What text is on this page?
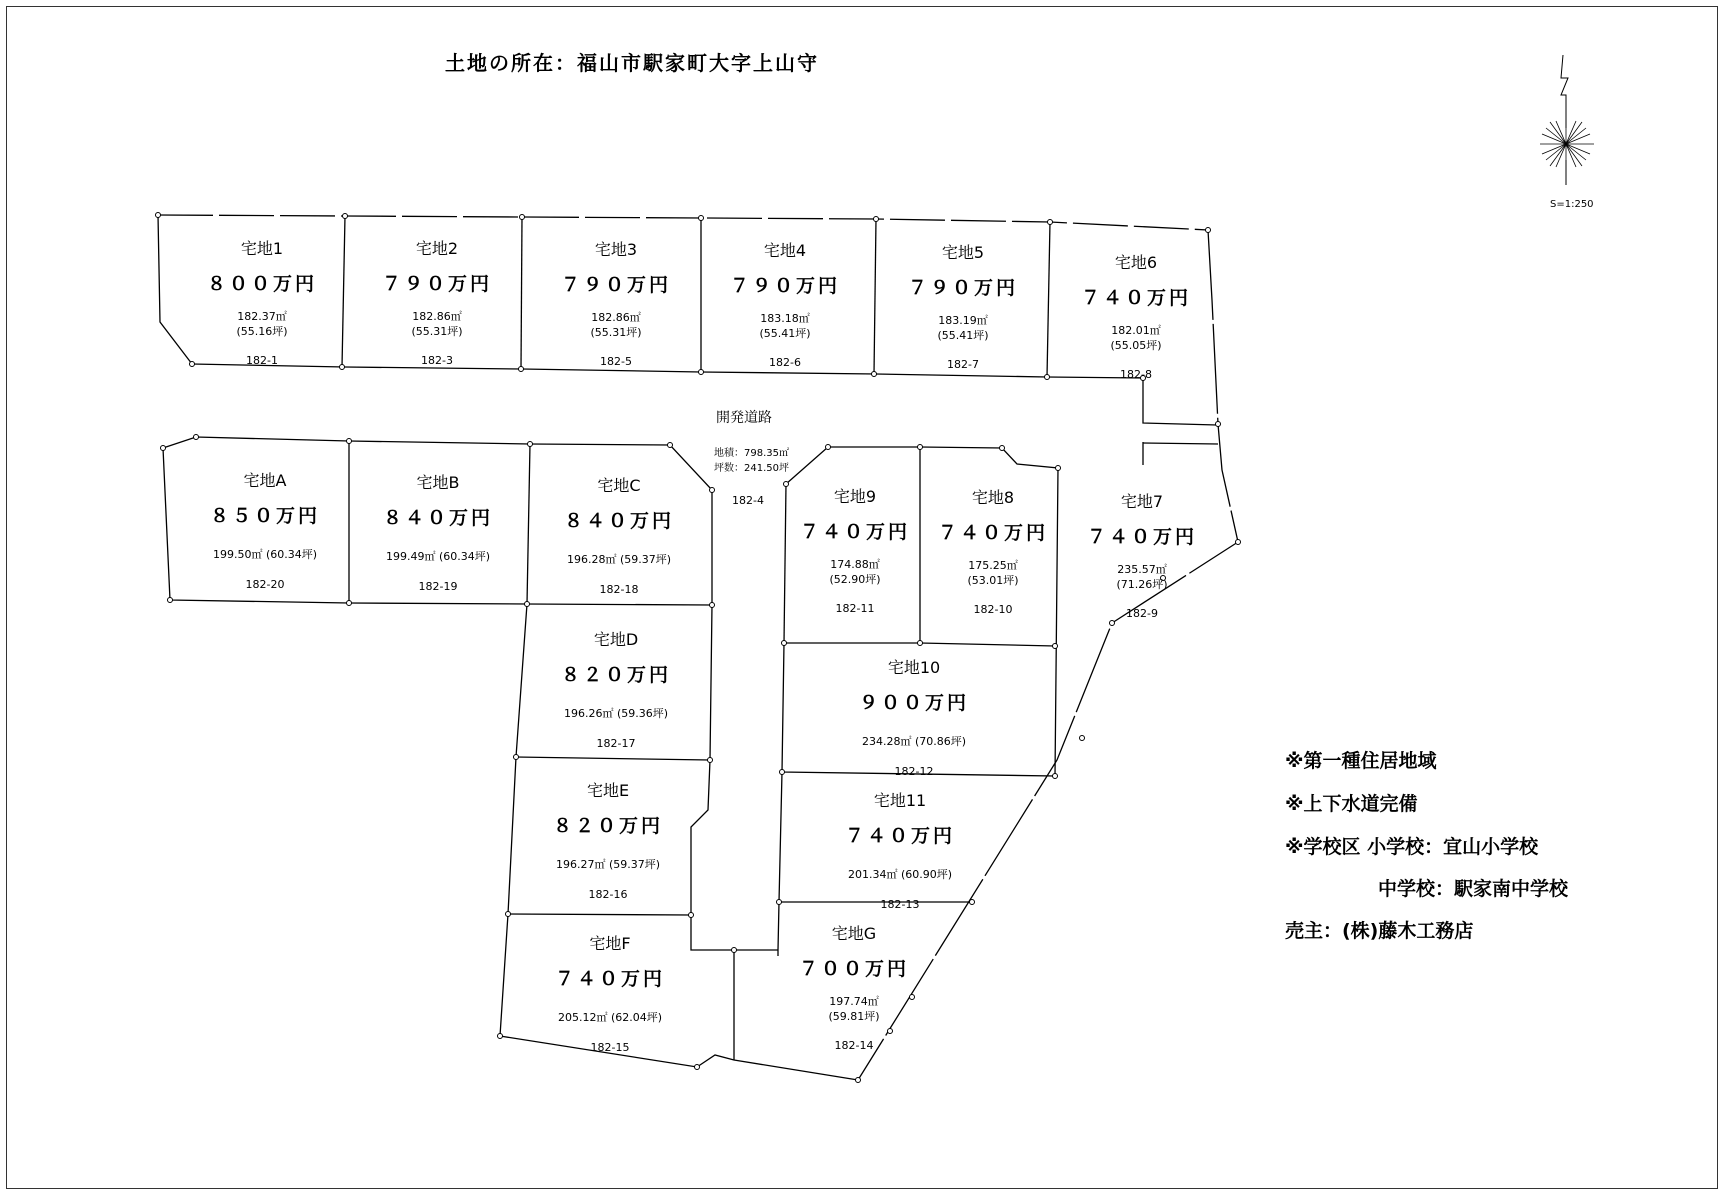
土地の所在：福山市駅家町大字上山守
S=1:250
開発道路
地積：798.35㎡
坪数：241.50坪
182-4
宅地1
８００万円
182.37㎡
(55.16坪)
182-1
宅地2
７９０万円
182.86㎡
(55.31坪)
182-3
宅地3
７９０万円
182.86㎡
(55.31坪)
182-5
宅地4
７９０万円
183.18㎡
(55.41坪)
182-6
宅地5
７９０万円
183.19㎡
(55.41坪)
182-7
宅地6
７４０万円
182.01㎡
(55.05坪)
182-8
宅地A
８５０万円
199.50㎡ (60.34坪)
182-20
宅地B
８４０万円
199.49㎡ (60.34坪)
182-19
宅地C
８４０万円
196.28㎡ (59.37坪)
182-18
宅地D
８２０万円
196.26㎡ (59.36坪)
182-17
宅地E
８２０万円
196.27㎡ (59.37坪)
182-16
宅地F
７４０万円
205.12㎡ (62.04坪)
182-15
宅地9
７４０万円
174.88㎡
(52.90坪)
182-11
宅地8
７４０万円
175.25㎡
(53.01坪)
182-10
宅地7
７４０万円
235.57㎡
(71.26坪)
182-9
宅地10
９００万円
234.28㎡ (70.86坪)
182-12
宅地11
７４０万円
201.34㎡ (60.90坪)
182-13
宅地G
７００万円
197.74㎡
(59.81坪)
182-14
※第一種住居地域
※上下水道完備
※学校区 小学校：宜山小学校
中学校：駅家南中学校
売主：(株)藤木工務店
